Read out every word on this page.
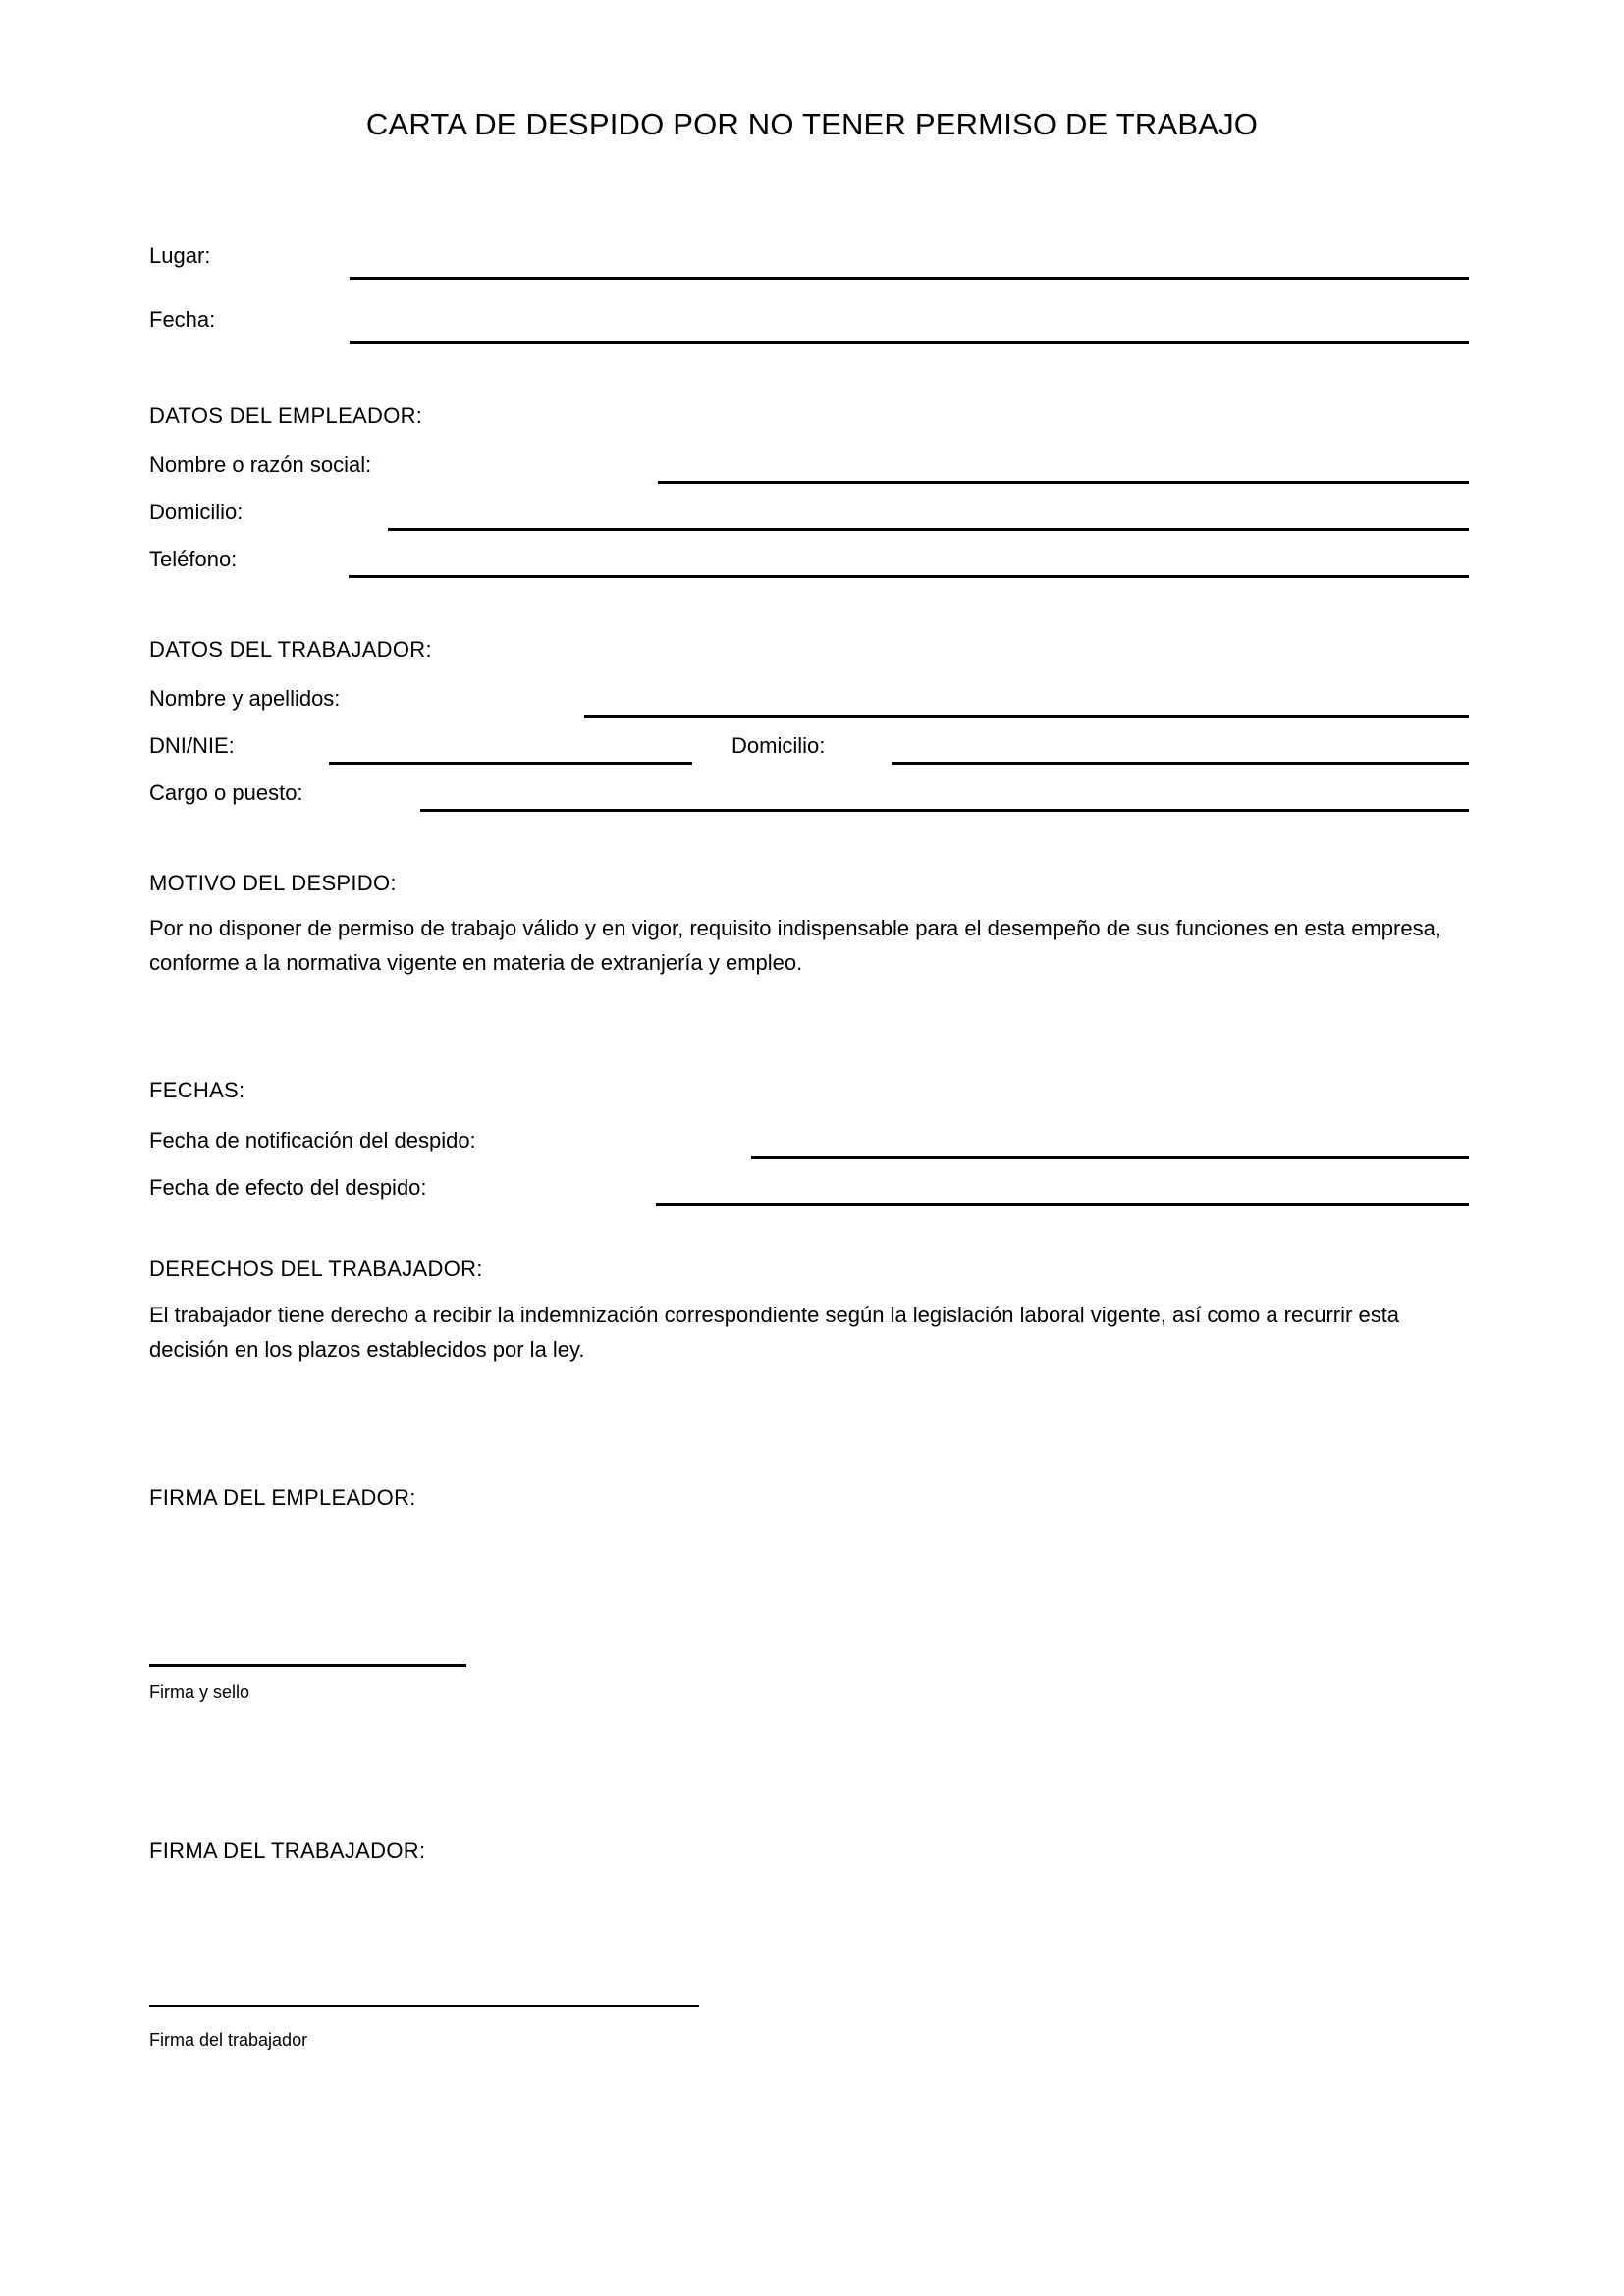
CARTA DE DESPIDO POR NO TENER PERMISO DE TRABAJO
Lugar:
Fecha:
DATOS DEL EMPLEADOR:
Nombre o razón social:
Domicilio:
Teléfono:
DATOS DEL TRABAJADOR:
Nombre y apellidos:
DNI/NIE:	Domicilio:
Cargo o puesto:
MOTIVO DEL DESPIDO:
Por no disponer de permiso de trabajo válido y en vigor, requisito indispensable para el desempeño de sus funciones en esta empresa, conforme a la normativa vigente en materia de extranjería y empleo.
FECHAS:
Fecha de notificación del despido:
Fecha de efecto del despido:
DERECHOS DEL TRABAJADOR:
El trabajador tiene derecho a recibir la indemnización correspondiente según la legislación laboral vigente, así como a recurrir esta decisión en los plazos establecidos por la ley.
FIRMA DEL EMPLEADOR:
Firma y sello
FIRMA DEL TRABAJADOR:
Firma del trabajador
